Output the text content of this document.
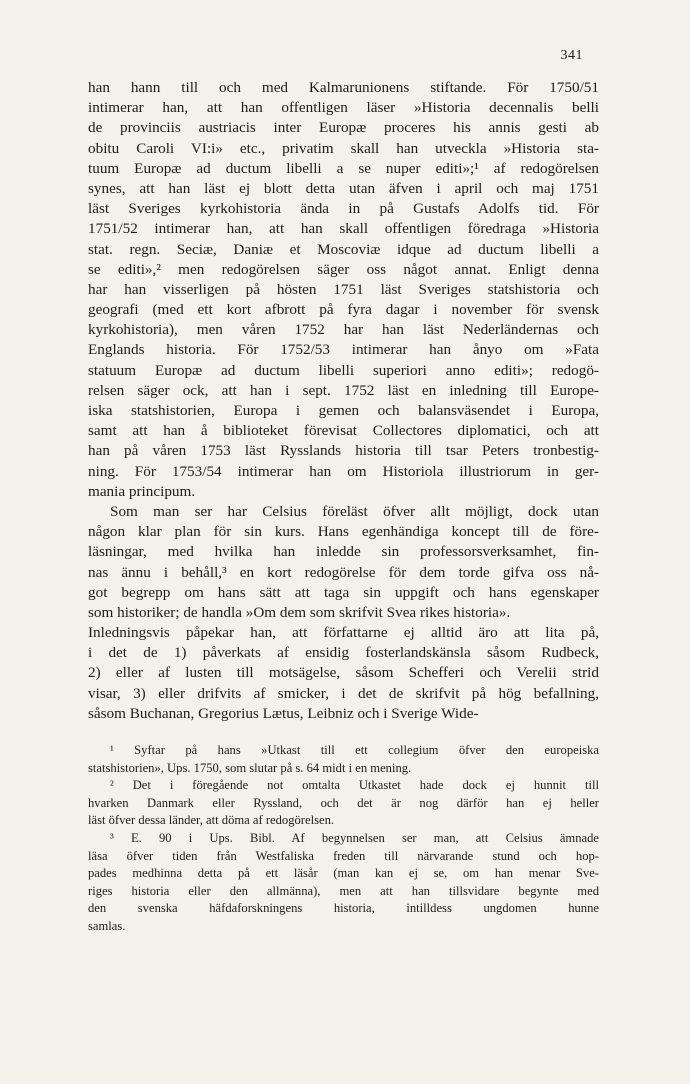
341
han hann till och med Kalmarunionens stiftande. För 1750/51
intimerar han, att han offentligen läser »Historia decennalis belli
de provinciis austriacis inter Europæ proceres his annis gesti ab
obitu Caroli VI:i» etc., privatim skall han utveckla »Historia sta-
tuum Europæ ad ductum libelli a se nuper editi»;¹ af redogörelsen
synes, att han läst ej blott detta utan äfven i april och maj 1751
läst Sveriges kyrkohistoria ända in på Gustafs Adolfs tid. För
1751/52 intimerar han, att han skall offentligen föredraga »Historia
stat. regn. Seciæ, Daniæ et Moscoviæ idque ad ductum libelli a
se editi»,² men redogörelsen säger oss något annat. Enligt denna
har han visserligen på hösten 1751 läst Sveriges statshistoria och
geografi (med ett kort afbrott på fyra dagar i november för svensk
kyrkohistoria), men våren 1752 har han läst Nederländernas och
Englands historia. För 1752/53 intimerar han ånyo om »Fata
statuum Europæ ad ductum libelli superiori anno editi»; redogö-
relsen säger ock, att han i sept. 1752 läst en inledning till Europe-
iska statshistorien, Europa i gemen och balansväsendet i Europa,
samt att han å biblioteket förevisat Collectores diplomatici, och att
han på våren 1753 läst Rysslands historia till tsar Peters tronbestig-
ning. För 1753/54 intimerar han om Historiola illustriorum in ger-
mania principum.
Som man ser har Celsius föreläst öfver allt möjligt, dock utan
någon klar plan för sin kurs. Hans egenhändiga koncept till de före-
läsningar, med hvilka han inledde sin professorsverksamhet, fin-
nas ännu i behåll,³ en kort redogörelse för dem torde gifva oss nå-
got begrepp om hans sätt att taga sin uppgift och hans egenskaper
som historiker; de handla »Om dem som skrifvit Svea rikes historia».
Inledningsvis påpekar han, att författarne ej alltid äro att lita på,
i det de 1) påverkats af ensidig fosterlandskänsla såsom Rudbeck,
2) eller af lusten till motsägelse, såsom Schefferi och Verelii strid
visar, 3) eller drifvits af smicker, i det de skrifvit på hög befallning,
såsom Buchanan, Gregorius Lætus, Leibniz och i Sverige Wide-
¹ Syftar på hans »Utkast till ett collegium öfver den europeiska
statshistorien», Ups. 1750, som slutar på s. 64 midt i en mening.
² Det i föregående not omtalta Utkastet hade dock ej hunnit till
hvarken Danmark eller Ryssland, och det är nog därför han ej heller
läst öfver dessa länder, att döma af redogörelsen.
³ E. 90 i Ups. Bibl. Af begynnelsen ser man, att Celsius ämnade
läsa öfver tiden från Westfaliska freden till närvarande stund och hop-
pades medhinna detta på ett läsår (man kan ej se, om han menar Sve-
riges historia eller den allmänna), men att han tillsvidare begynte med
den svenska häfdaforskningens historia, intilldess ungdomen hunne
samlas.
